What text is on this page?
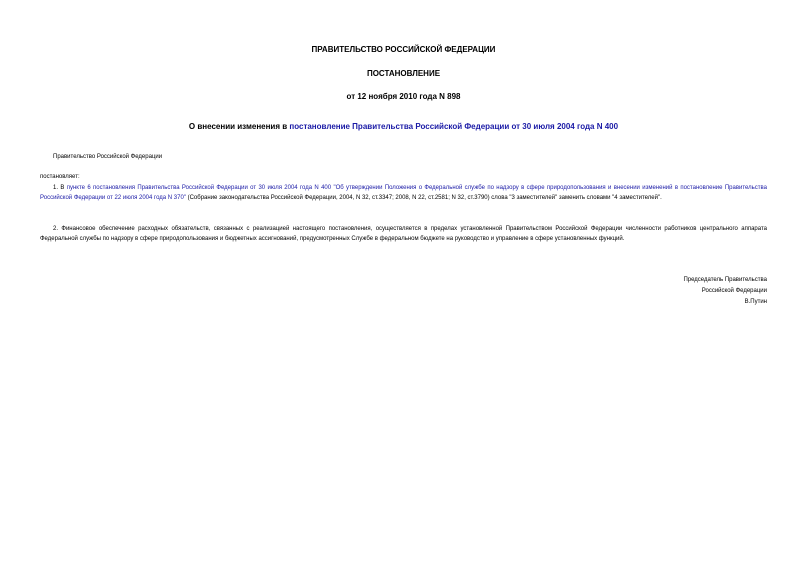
ПРАВИТЕЛЬСТВО РОССИЙСКОЙ ФЕДЕРАЦИИ
ПОСТАНОВЛЕНИЕ
от 12 ноября 2010 года N 898
О внесении изменения в постановление Правительства Российской Федерации от 30 июля 2004 года N 400
Правительство Российской Федерации
постановляет:
1. В пункте 6 постановления Правительства Российской Федерации от 30 июля 2004 года N 400 "Об утверждении Положения о Федеральной службе по надзору в сфере природопользования и внесении изменений в постановление Правительства Российской Федерации от 22 июля 2004 года N 370" (Собрание законодательства Российской Федерации, 2004, N 32, ст.3347; 2008, N 22, ст.2581; N 32, ст.3790) слова "3 заместителей" заменить словами "4 заместителей".
2. Финансовое обеспечение расходных обязательств, связанных с реализацией настоящего постановления, осуществляется в пределах установленной Правительством Российской Федерации численности работников центрального аппарата Федеральной службы по надзору в сфере природопользования и бюджетных ассигнований, предусмотренных Службе в федеральном бюджете на руководство и управление в сфере установленных функций.
Председатель Правительства
Российской Федерации
В.Путин
